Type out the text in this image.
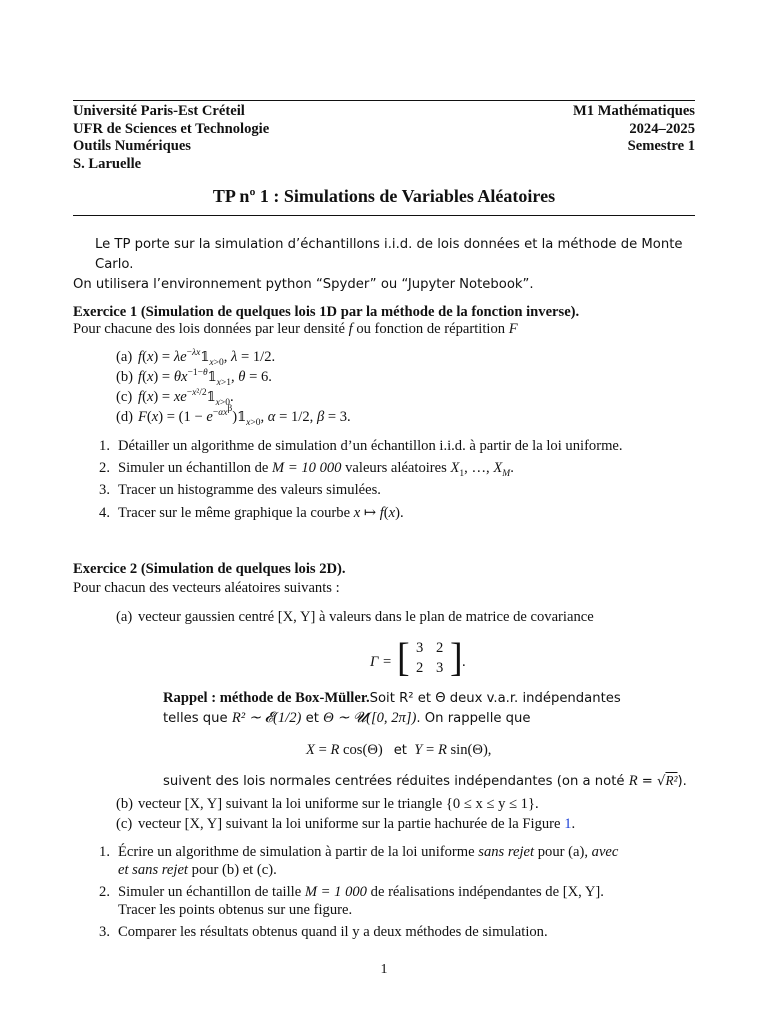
Université Paris-Est Créteil	M1 Mathématiques
UFR de Sciences et Technologie	2024–2025
Outils Numériques	Semestre 1
S. Laruelle
TP nº 1 : Simulations de Variables Aléatoires
Le TP porte sur la simulation d’échantillons i.i.d. de lois données et la méthode de Monte Carlo.
On utilisera l’environnement python “Spyder” ou “Jupyter Notebook”.
Exercice 1 (Simulation de quelques lois 1D par la méthode de la fonction inverse).
Pour chacune des lois données par leur densité f ou fonction de répartition F
(a) $f(x) = \lambda e^{-\lambda x}𝟙_{x>0}$, λ = 1/2.
(b) $f(x) = \theta x^{-1-\theta}𝟙_{x>1}$, θ = 6.
(c) $f(x) = xe^{-x^2/2}𝟙_{x>0}$.
(d) $F(x) = (1 - e^{-\alpha x^\beta})𝟙_{x>0}$, α = 1/2, β = 3.
1. Détailler un algorithme de simulation d’un échantillon i.i.d. à partir de la loi uniforme.
2. Simuler un échantillon de M = 10 000 valeurs aléatoires $X_1$, …, $X_M$.
3. Tracer un histogramme des valeurs simulées.
4. Tracer sur le même graphique la courbe x ↦ f(x).
Exercice 2 (Simulation de quelques lois 2D).
Pour chacun des vecteurs aléatoires suivants :
(a) vecteur gaussien centré [X, Y] à valeurs dans le plan de matrice de covariance
Γ = [ 3 2
2 3 ] .
Rappel : méthode de Box-Müller.Soit R² et Θ deux v.a.r. indépendantes
telles que R² ∼ 𝓔(1/2) et Θ ∼ 𝓤([0, 2π]). On rappelle que
X = R cos(Θ)   et Y = R sin(Θ),
suivent des lois normales centrées réduites indépendantes (on a noté R = √R²).
(b) vecteur [X, Y] suivant la loi uniforme sur le triangle {0 ≤ x ≤ y ≤ 1}.
(c) vecteur [X, Y] suivant la loi uniforme sur la partie hachurée de la Figure 1.
1. Écrire un algorithme de simulation à partir de la loi uniforme sans rejet pour (a), avec
et sans rejet pour (b) et (c).
2. Simuler un échantillon de taille M = 1 000 de réalisations indépendantes de [X, Y].
Tracer les points obtenus sur une figure.
3. Comparer les résultats obtenus quand il y a deux méthodes de simulation.
1
